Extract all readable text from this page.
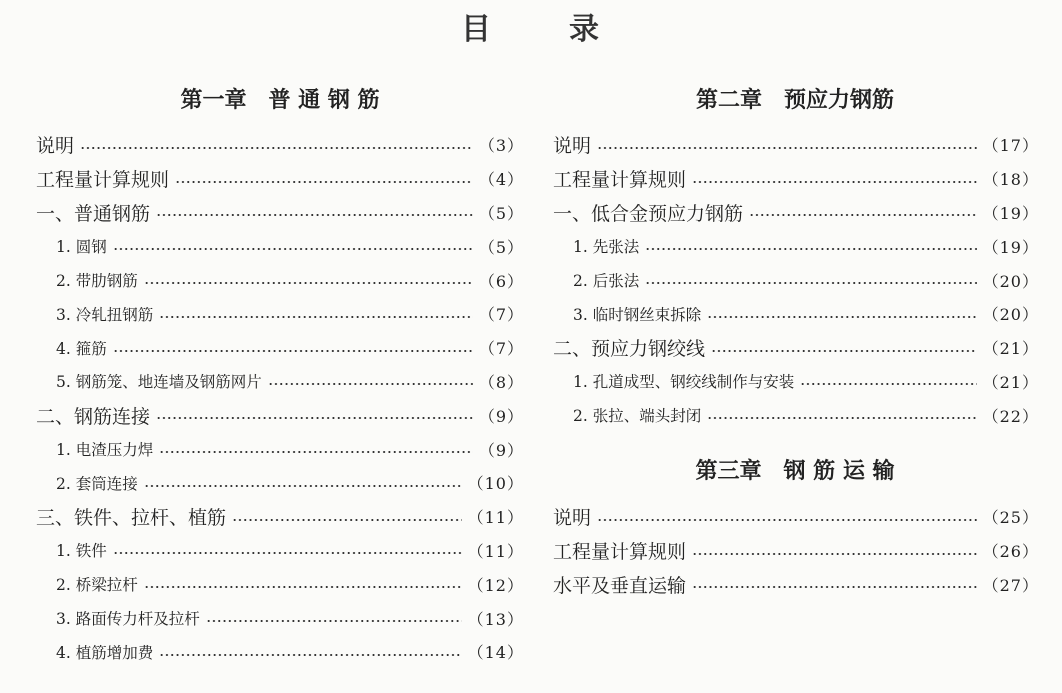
目	录
第一章　普 通 钢 筋
说明	（3）
工程量计算规则	（4）
一、普通钢筋	（5）
1. 圆钢	（5）
2. 带肋钢筋	（6）
3. 冷轧扭钢筋	（7）
4. 箍筋	（7）
5. 钢筋笼、地连墙及钢筋网片	（8）
二、钢筋连接	（9）
1. 电渣压力焊	（9）
2. 套筒连接	（10）
三、铁件、拉杆、植筋	（11）
1. 铁件	（11）
2. 桥梁拉杆	（12）
3. 路面传力杆及拉杆	（13）
4. 植筋增加费	（14）
第二章　预应力钢筋
说明	（17）
工程量计算规则	（18）
一、低合金预应力钢筋	（19）
1. 先张法	（19）
2. 后张法	（20）
3. 临时钢丝束拆除	（20）
二、预应力钢绞线	（21）
1. 孔道成型、钢绞线制作与安装	（21）
2. 张拉、端头封闭	（22）
第三章　钢 筋 运 输
说明	（25）
工程量计算规则	（26）
水平及垂直运输	（27）
